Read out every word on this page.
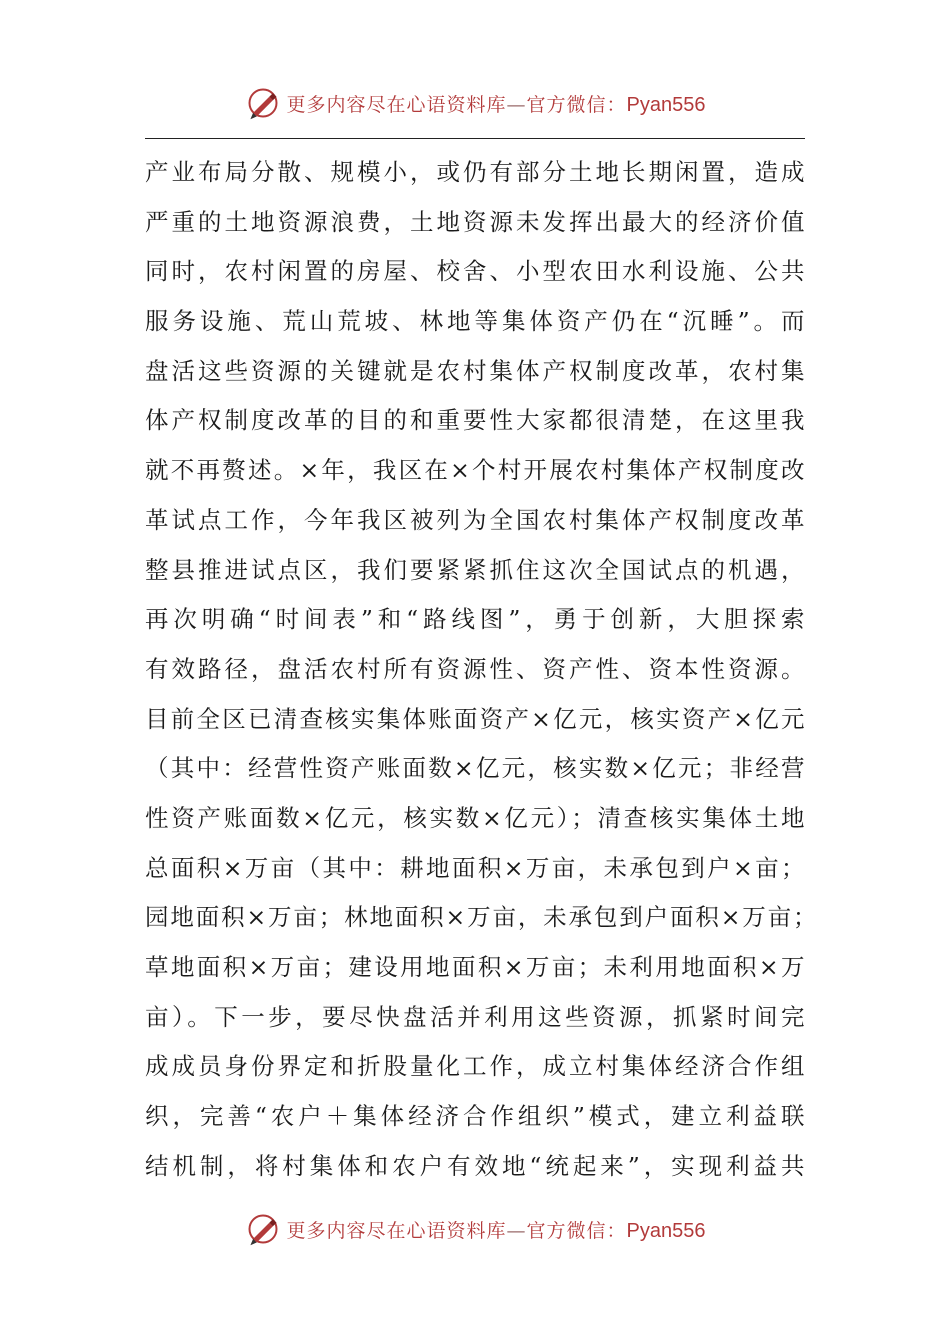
更多内容尽在心语资料库—官方微信：Pyan556
产业布局分散、规模小，或仍有部分土地长期闲置，造成
严重的土地资源浪费，土地资源未发挥出最大的经济价值
同时，农村闲置的房屋、校舍、小型农田水利设施、公共
服务设施、荒山荒坡、林地等集体资产仍在“沉睡”。而
盘活这些资源的关键就是农村集体产权制度改革，农村集
体产权制度改革的目的和重要性大家都很清楚，在这里我
就不再赘述。×年，我区在×个村开展农村集体产权制度改
革试点工作，今年我区被列为全国农村集体产权制度改革
整县推进试点区，我们要紧紧抓住这次全国试点的机遇，
再次明确“时间表”和“路线图”，勇于创新，大胆探索
有效路径，盘活农村所有资源性、资产性、资本性资源。
目前全区已清查核实集体账面资产×亿元，核实资产×亿元
（其中：经营性资产账面数×亿元，核实数×亿元；非经营
性资产账面数×亿元，核实数×亿元）；清查核实集体土地
总面积×万亩（其中：耕地面积×万亩，未承包到户×亩；
园地面积×万亩；林地面积×万亩，未承包到户面积×万亩；
草地面积×万亩；建设用地面积×万亩；未利用地面积×万
亩）。下一步，要尽快盘活并利用这些资源，抓紧时间完
成成员身份界定和折股量化工作，成立村集体经济合作组
织，完善“农户＋集体经济合作组织”模式，建立利益联
结机制，将村集体和农户有效地“统起来”，实现利益共
更多内容尽在心语资料库—官方微信：Pyan556
